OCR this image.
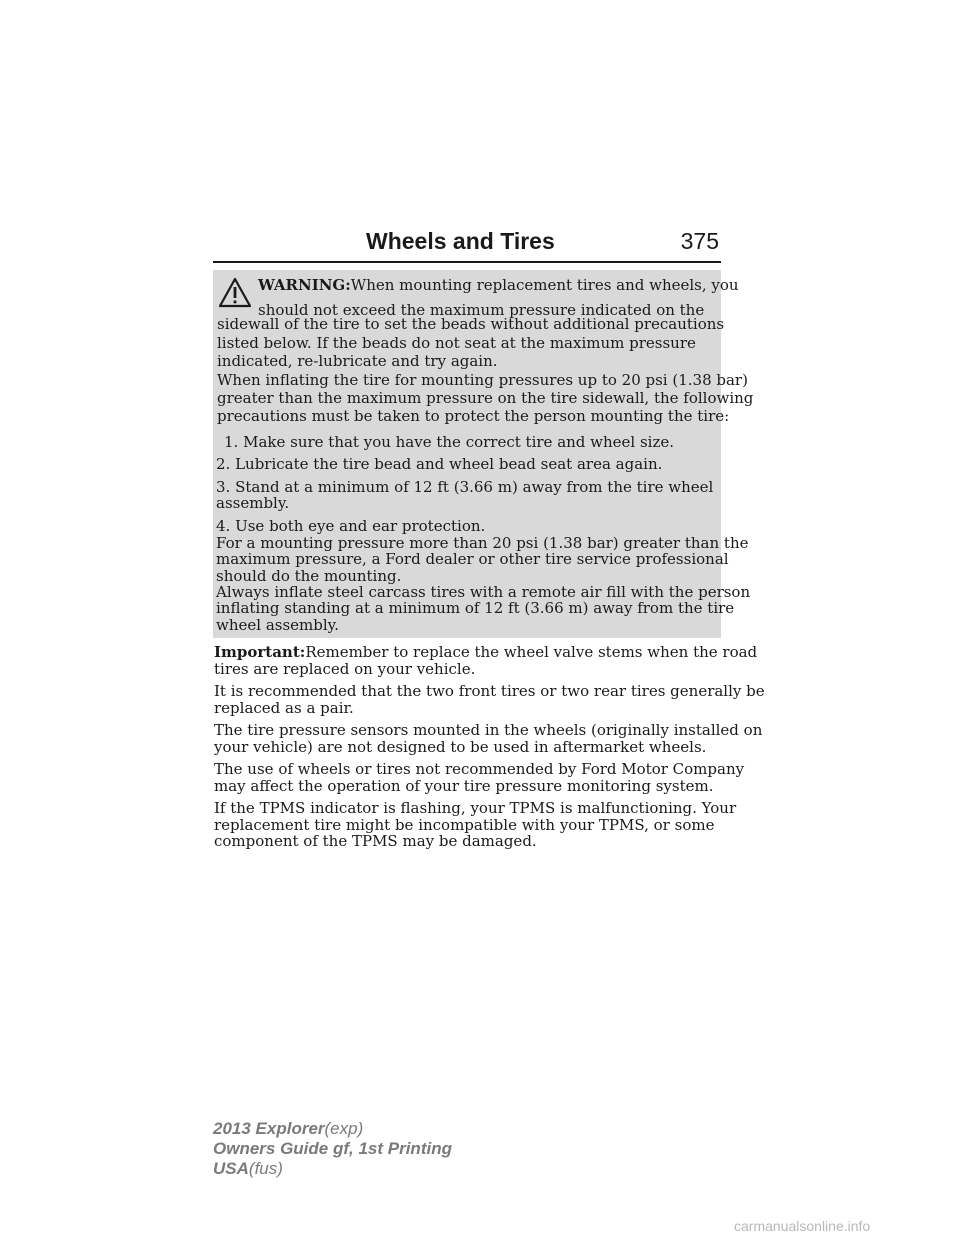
Wheels and Tires	375
WARNING:When mounting replacement tires and wheels, you
should not exceed the maximum pressure indicated on the
sidewall of the tire to set the beads without additional precautions
listed below. If the beads do not seat at the maximum pressure
indicated, re-lubricate and try again.
When inflating the tire for mounting pressures up to 20 psi (1.38 bar)
greater than the maximum pressure on the tire sidewall, the following
precautions must be taken to protect the person mounting the tire:
1. Make sure that you have the correct tire and wheel size.
2. Lubricate the tire bead and wheel bead seat area again.
3. Stand at a minimum of 12 ft (3.66 m) away from the tire wheel
assembly.
4. Use both eye and ear protection.
For a mounting pressure more than 20 psi (1.38 bar) greater than the
maximum pressure, a Ford dealer or other tire service professional
should do the mounting.
Always inflate steel carcass tires with a remote air fill with the person
inflating standing at a minimum of 12 ft (3.66 m) away from the tire
wheel assembly.
Important:Remember to replace the wheel valve stems when the road
tires are replaced on your vehicle.
It is recommended that the two front tires or two rear tires generally be
replaced as a pair.
The tire pressure sensors mounted in the wheels (originally installed on
your vehicle) are not designed to be used in aftermarket wheels.
The use of wheels or tires not recommended by Ford Motor Company
may affect the operation of your tire pressure monitoring system.
If the TPMS indicator is flashing, your TPMS is malfunctioning. Your
replacement tire might be incompatible with your TPMS, or some
component of the TPMS may be damaged.
2013 Explorer(exp)
Owners Guide gf, 1st Printing
USA(fus)
carmanualsonline.info
